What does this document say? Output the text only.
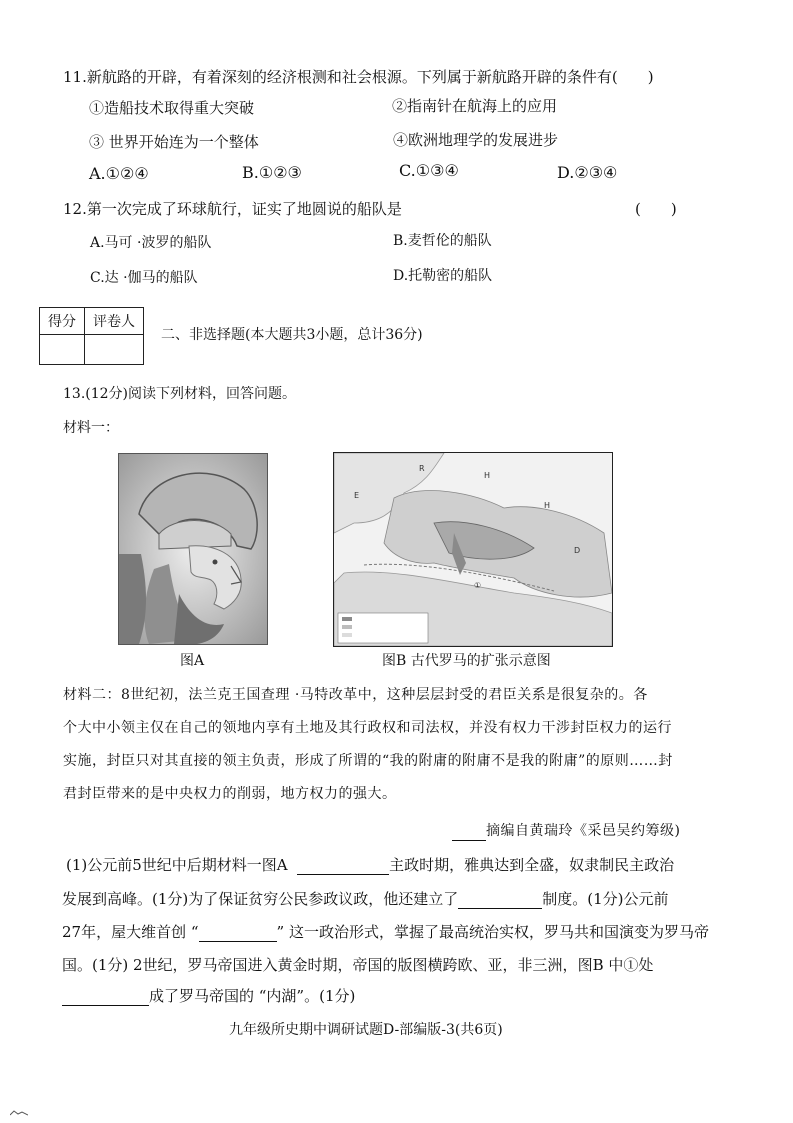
11.新航路的开辟，有着深刻的经济根测和社会根源。下列属于新航路开辟的条件有(　　)
①造船技术取得重大突破	②指南针在航海上的应用
③ 世界开始连为一个整体	④欧洲地理学的发展进步
A.①②④	B.①②③	C.①③④	D.②③④
12.第一次完成了环球航行，证实了地圆说的船队是	(　　)
A.马可 ·波罗的船队	B.麦哲伦的船队
C.达 ·伽马的船队	D.托勒密的船队
得分	评卷人

二、非选择题(本大题共3小题，总计36分)
13.(12分)阅读下列材料，回答问题。
材料一：
R
H
E
H
D
①
图A	图B 古代罗马的扩张示意图
材料二：8世纪初，法兰克王国查理 ·马特改革中，这种层层封受的君臣关系是很复杂的。各
个大中小领主仅在自己的领地内享有土地及其行政权和司法权，并没有权力干涉封臣权力的运行
实施，封臣只对其直接的领主负责，形成了所谓的“我的附庸的附庸不是我的附庸”的原则……封
君封臣带来的是中央权力的削弱，地方权力的强大。
摘编自黄瑞玲《采邑吴约筹级)
(1)公元前5世纪中后期材料一图A	主政时期，雅典达到全盛，奴隶制民主政治
发展到高峰。(1分)为了保证贫穷公民参政议政，他还建立了	制度。(1分)公元前
27年，屋大维首创 “	” 这一政治形式，掌握了最高统治实权，罗马共和国演变为罗马帝
国。(1分) 2世纪，罗马帝国进入黄金时期，帝国的版图横跨欧、亚，非三洲，图B 中①处
成了罗马帝国的 “内湖”。(1分)
九年级所史期中调研试题D-部编版-3(共6页)
